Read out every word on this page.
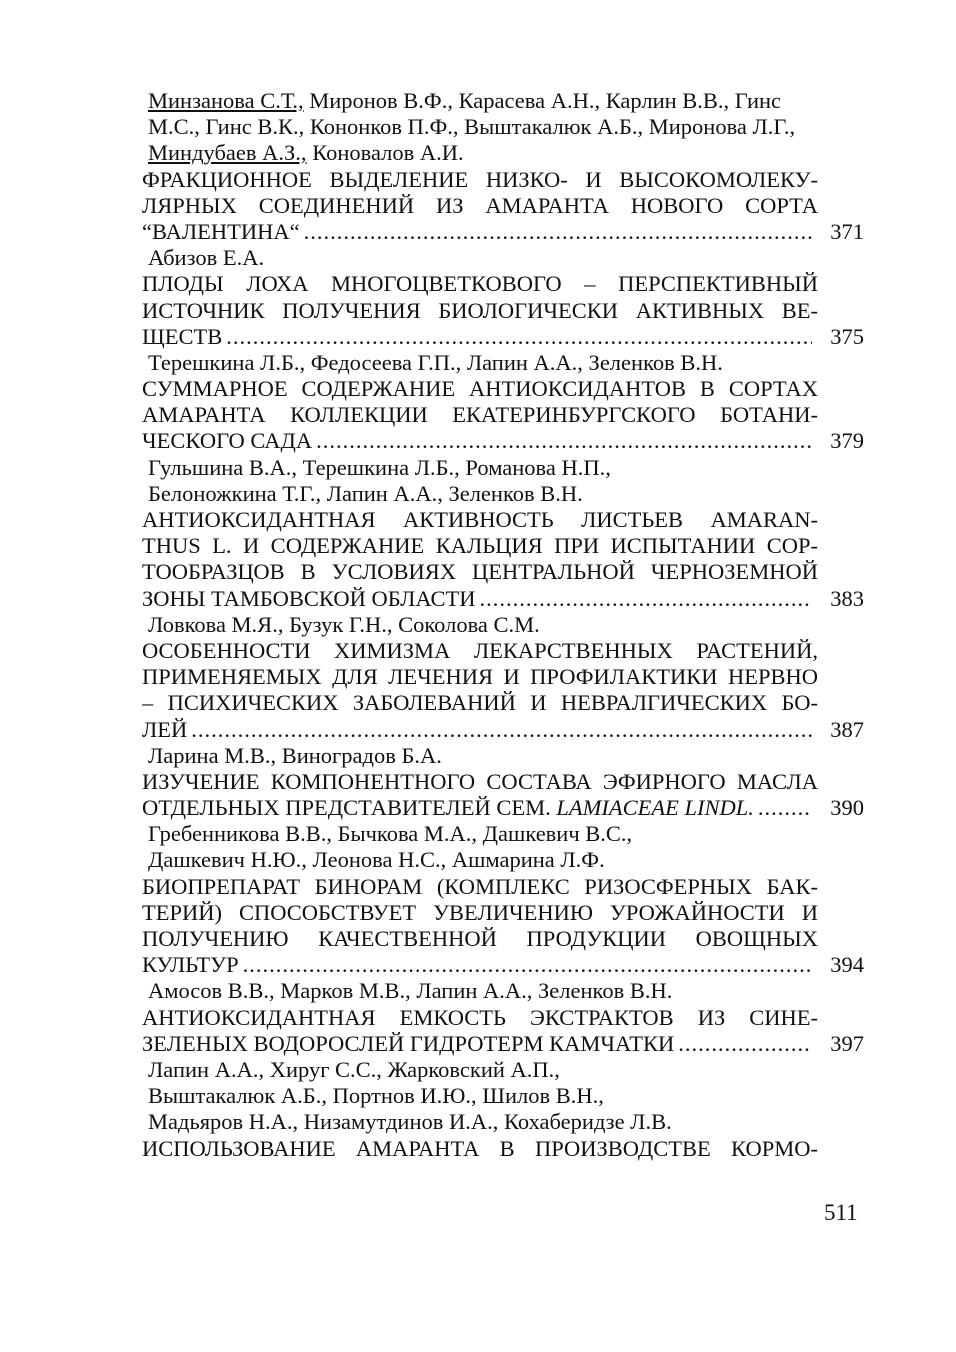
Минзанова С.Т., Миронов В.Ф., Карасева А.Н., Карлин В.В., Гинс
М.С., Гинс В.К., Кононков П.Ф., Выштакалюк А.Б., Миронова Л.Г.,
Миндубаев А.З., Коновалов А.И.
ФРАКЦИОННОЕ ВЫДЕЛЕНИЕ НИЗКО- И ВЫСОКОМОЛЕКУ-
ЛЯРНЫХ СОЕДИНЕНИЙ ИЗ АМАРАНТА НОВОГО СОРТА
“ВАЛЕНТИНА“ .....	371
Абизов Е.А.
ПЛОДЫ ЛОХА МНОГОЦВЕТКОВОГО – ПЕРСПЕКТИВНЫЙ
ИСТОЧНИК ПОЛУЧЕНИЯ БИОЛОГИЧЕСКИ АКТИВНЫХ ВЕ-
ЩЕСТВ .....	375
Терешкина Л.Б., Федосеева Г.П., Лапин А.А., Зеленков В.Н.
СУММАРНОЕ СОДЕРЖАНИЕ АНТИОКСИДАНТОВ В СОРТАХ
АМАРАНТА КОЛЛЕКЦИИ ЕКАТЕРИНБУРГСКОГО БОТАНИ-
ЧЕСКОГО САДА .....	379
Гульшина В.А., Терешкина Л.Б., Романова Н.П.,
Белоножкина Т.Г., Лапин А.А., Зеленков В.Н.
АНТИОКСИДАНТНАЯ АКТИВНОСТЬ ЛИСТЬЕВ AMARAN-
THUS L. И СОДЕРЖАНИЕ КАЛЬЦИЯ ПРИ ИСПЫТАНИИ СОР-
ТООБРАЗЦОВ В УСЛОВИЯХ ЦЕНТРАЛЬНОЙ ЧЕРНОЗЕМНОЙ
ЗОНЫ ТАМБОВСКОЙ ОБЛАСТИ .....	383
Ловкова М.Я., Бузук Г.Н., Соколова С.М.
ОСОБЕННОСТИ ХИМИЗМА ЛЕКАРСТВЕННЫХ РАСТЕНИЙ,
ПРИМЕНЯЕМЫХ ДЛЯ ЛЕЧЕНИЯ И ПРОФИЛАКТИКИ НЕРВНО
– ПСИХИЧЕСКИХ ЗАБОЛЕВАНИЙ И НЕВРАЛГИЧЕСКИХ БО-
ЛЕЙ .....	387
Ларина М.В., Виноградов Б.А.
ИЗУЧЕНИЕ КОМПОНЕНТНОГО СОСТАВА ЭФИРНОГО МАСЛА
ОТДЕЛЬНЫХ ПРЕДСТАВИТЕЛЕЙ СЕМ. LAMIACEAE LINDL. .....	390
Гребенникова В.В., Бычкова М.А., Дашкевич В.С.,
Дашкевич Н.Ю., Леонова Н.С., Ашмарина Л.Ф.
БИОПРЕПАРАТ БИНОРАМ (КОМПЛЕКС РИЗОСФЕРНЫХ БАК-
ТЕРИЙ) СПОСОБСТВУЕТ УВЕЛИЧЕНИЮ УРОЖАЙНОСТИ И
ПОЛУЧЕНИЮ КАЧЕСТВЕННОЙ ПРОДУКЦИИ ОВОЩНЫХ
КУЛЬТУР .....	394
Амосов В.В., Марков М.В., Лапин А.А., Зеленков В.Н.
АНТИОКСИДАНТНАЯ ЕМКОСТЬ ЭКСТРАКТОВ ИЗ СИНЕ-
ЗЕЛЕНЫХ ВОДОРОСЛЕЙ ГИДРОТЕРМ КАМЧАТКИ .....	397
Лапин А.А., Хируг С.С., Жарковский А.П.,
Выштакалюк А.Б., Портнов И.Ю., Шилов В.Н.,
Мадьяров Н.А., Низамутдинов И.А., Кохаберидзе Л.В.
ИСПОЛЬЗОВАНИЕ АМАРАНТА В ПРОИЗВОДСТВЕ КОРМО-
511
